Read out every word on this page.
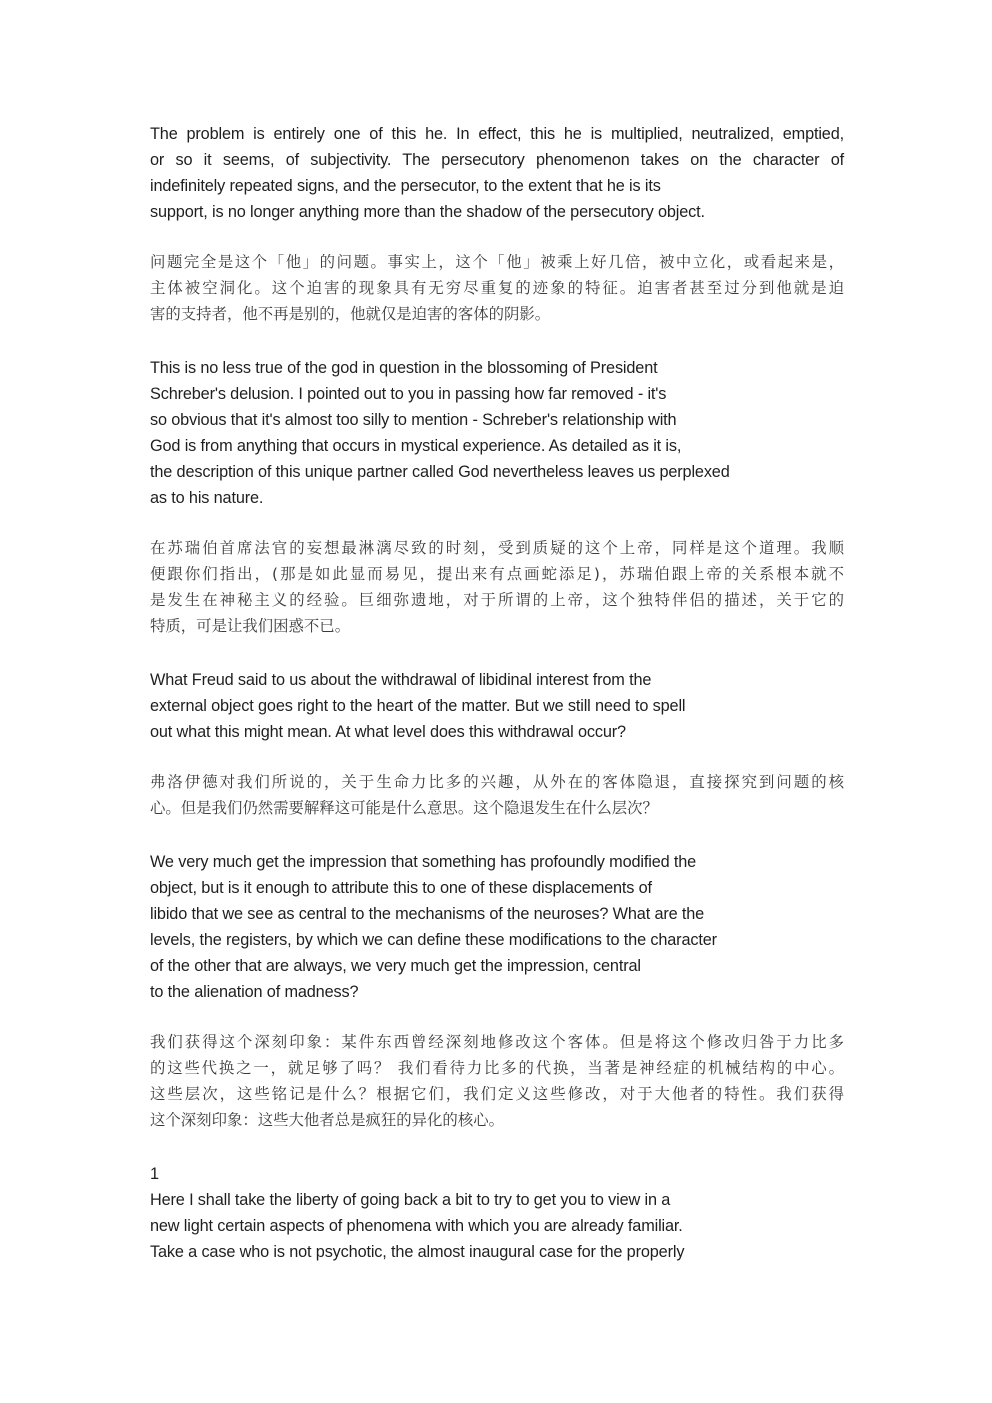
The problem is entirely one of this he. In effect, this he is multiplied, neutralized, emptied,
or so it seems, of subjectivity. The persecutory phenomenon takes on the character of
indefinitely repeated signs, and the persecutor, to the extent that he is its
support, is no longer anything more than the shadow of the persecutory object.

问题完全是这个「他」的问题。事实上，这个「他」被乘上好几倍，被中立化，或看起来是，
主体被空洞化。这个迫害的现象具有无穷尽重复的迹象的特征。迫害者甚至过分到他就是迫
害的支持者，他不再是别的，他就仅是迫害的客体的阴影。

This is no less true of the god in question in the blossoming of President
Schreber's delusion. I pointed out to you in passing how far removed - it's
so obvious that it's almost too silly to mention - Schreber's relationship with
God is from anything that occurs in mystical experience. As detailed as it is,
the description of this unique partner called God nevertheless leaves us perplexed
as to his nature.

在苏瑞伯首席法官的妄想最淋漓尽致的时刻，受到质疑的这个上帝，同样是这个道理。我顺
便跟你们指出，(那是如此显而易见，提出来有点画蛇添足)，苏瑞伯跟上帝的关系根本就不
是发生在神秘主义的经验。巨细弥遗地，对于所谓的上帝，这个独特伴侣的描述，关于它的
特质，可是让我们困惑不已。

What Freud said to us about the withdrawal of libidinal interest from the
external object goes right to the heart of the matter. But we still need to spell
out what this might mean. At what level does this withdrawal occur?

弗洛伊德对我们所说的，关于生命力比多的兴趣，从外在的客体隐退，直接探究到问题的核
心。但是我们仍然需要解释这可能是什么意思。这个隐退发生在什么层次？

We very much get the impression that something has profoundly modified the
object, but is it enough to attribute this to one of these displacements of
libido that we see as central to the mechanisms of the neuroses? What are the
levels, the registers, by which we can define these modifications to the character
of the other that are always, we very much get the impression, central
to the alienation of madness?

我们获得这个深刻印象：某件东西曾经深刻地修改这个客体。但是将这个修改归咎于力比多
的这些代换之一，就足够了吗？ 我们看待力比多的代换，当著是神经症的机械结构的中心。
这些层次，这些铭记是什么？根据它们，我们定义这些修改，对于大他者的特性。我们获得
这个深刻印象：这些大他者总是疯狂的异化的核心。

1
Here I shall take the liberty of going back a bit to try to get you to view in a
new light certain aspects of phenomena with which you are already familiar.
Take a case who is not psychotic, the almost inaugural case for the properly
